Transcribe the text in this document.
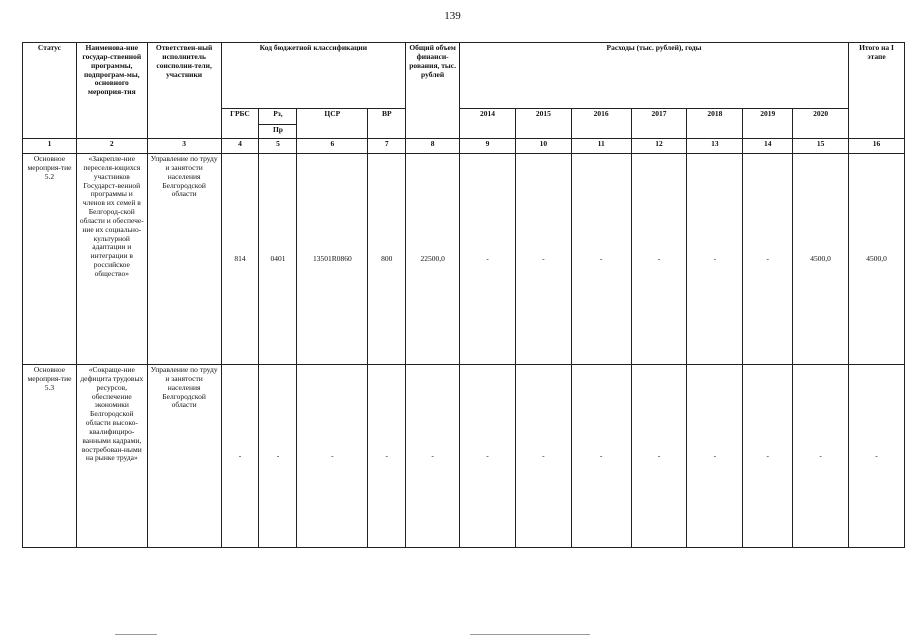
139
Статус	Наименова-ние государ-ственной программы, подпрограм-мы, основного мероприя-тия	Ответствен-ный исполнитель соисполни-тели, участники	Код бюджетной классификации				Общий объем финанси-рования, тыс. рублей	Расходы (тыс. рублей), годы							Итого на I этапе
			ГРБС	Рз,	ЦСР	ВР		2014	2015	2016	2017	2018	2019	2020	
				Пр											
1	2	3	4	5	6	7	8	9	10	11	12	13	14	15	16
Основное мероприя-тие 5.2	«Закрепле-ние переселя-ющихся участников Государст-венной программы и членов их семей в Белгород-ской области и обеспече-ние их социально-культурной адаптации и интеграции в российское общество»	Управление по труду и занятости населения Белгородской области	814	0401	13501R0860	800	22500,0	-	-	-	-	-	-	4500,0	4500,0
Основное мероприя-тие 5.3	«Сокраще-ние дефицита трудовых ресурсов, обеспечение экономики Белгородской области высоко-квалифициро-ванными кадрами, востребован-ными на рынке труда»	Управление по труду и занятости населения Белгородской области	-	-	-	-	-	-	-	-	-	-	-	-	-
